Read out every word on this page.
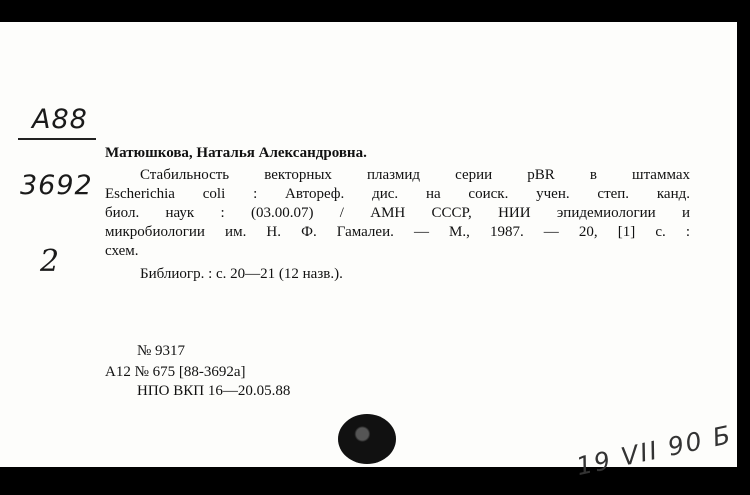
А88
3692
2
Матюшкова, Наталья Александровна.
Стабильность векторных плазмид серии pBR в штаммах
Escherichia coli : Автореф. дис. на соиск. учен. степ. канд.
биол. наук : (03.00.07) / АМН СССР, НИИ эпидемиологии и
микробиологии им. Н. Ф. Гамалеи. — М., 1987. — 20, [1] с. :
схем.
Библиогр. : с. 20—21 (12 назв.).
№ 9317
А12 № 675 [88-3692а]
НПО ВКП 16—20.05.88
19 VII 90 Б
